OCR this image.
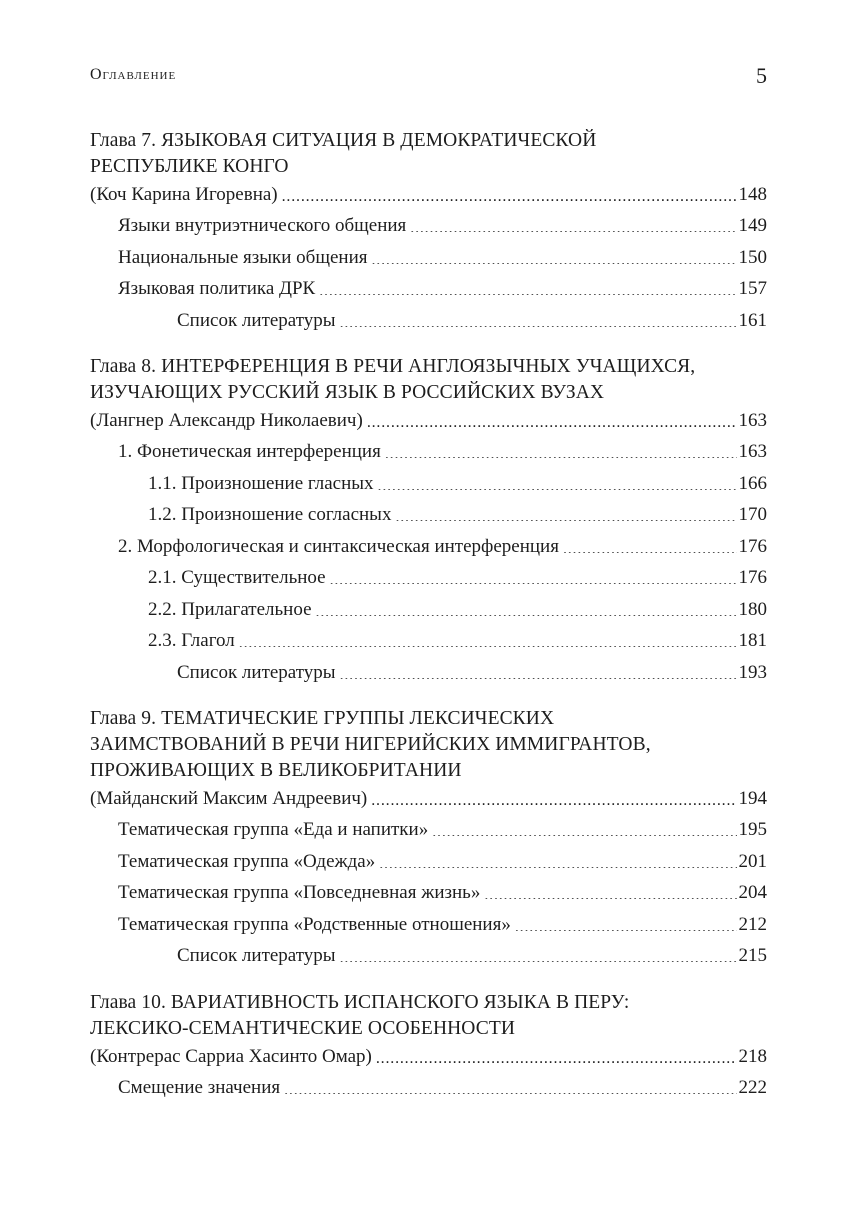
Оглавление	5
Глава 7. ЯЗЫКОВАЯ СИТУАЦИЯ В ДЕМОКРАТИЧЕСКОЙ
РЕСПУБЛИКЕ КОНГО
(Коч Карина Игоревна) . . .	148
Языки внутриэтнического общения . . .	149
Национальные языки общения . . .	150
Языковая политика ДРК . . .	157
Список литературы . . .	161
Глава 8. ИНТЕРФЕРЕНЦИЯ В РЕЧИ АНГЛОЯЗЫЧНЫХ УЧАЩИХСЯ,
ИЗУЧАЮЩИХ РУССКИЙ ЯЗЫК В РОССИЙСКИХ ВУЗАХ
(Лангнер Александр Николаевич) . . .	163
1. Фонетическая интерференция . . .	163
1.1. Произношение гласных . . .	166
1.2. Произношение согласных . . .	170
2. Морфологическая и синтаксическая интерференция . . .	176
2.1. Существительное . . .	176
2.2. Прилагательное . . .	180
2.3. Глагол . . .	181
Список литературы . . .	193
Глава 9. ТЕМАТИЧЕСКИЕ ГРУППЫ ЛЕКСИЧЕСКИХ
ЗАИМСТВОВАНИЙ В РЕЧИ НИГЕРИЙСКИХ ИММИГРАНТОВ,
ПРОЖИВАЮЩИХ В ВЕЛИКОБРИТАНИИ
(Майданский Максим Андреевич) . . .	194
Тематическая группа «Еда и напитки» . . .	195
Тематическая группа «Одежда» . . .	201
Тематическая группа «Повседневная жизнь» . . .	204
Тематическая группа «Родственные отношения» . . .	212
Список литературы . . .	215
Глава 10. ВАРИАТИВНОСТЬ ИСПАНСКОГО ЯЗЫКА В ПЕРУ:
ЛЕКСИКО-СЕМАНТИЧЕСКИЕ ОСОБЕННОСТИ
(Контрерас Сарриа Хасинто Омар) . . .	218
Смещение значения . . .	222
